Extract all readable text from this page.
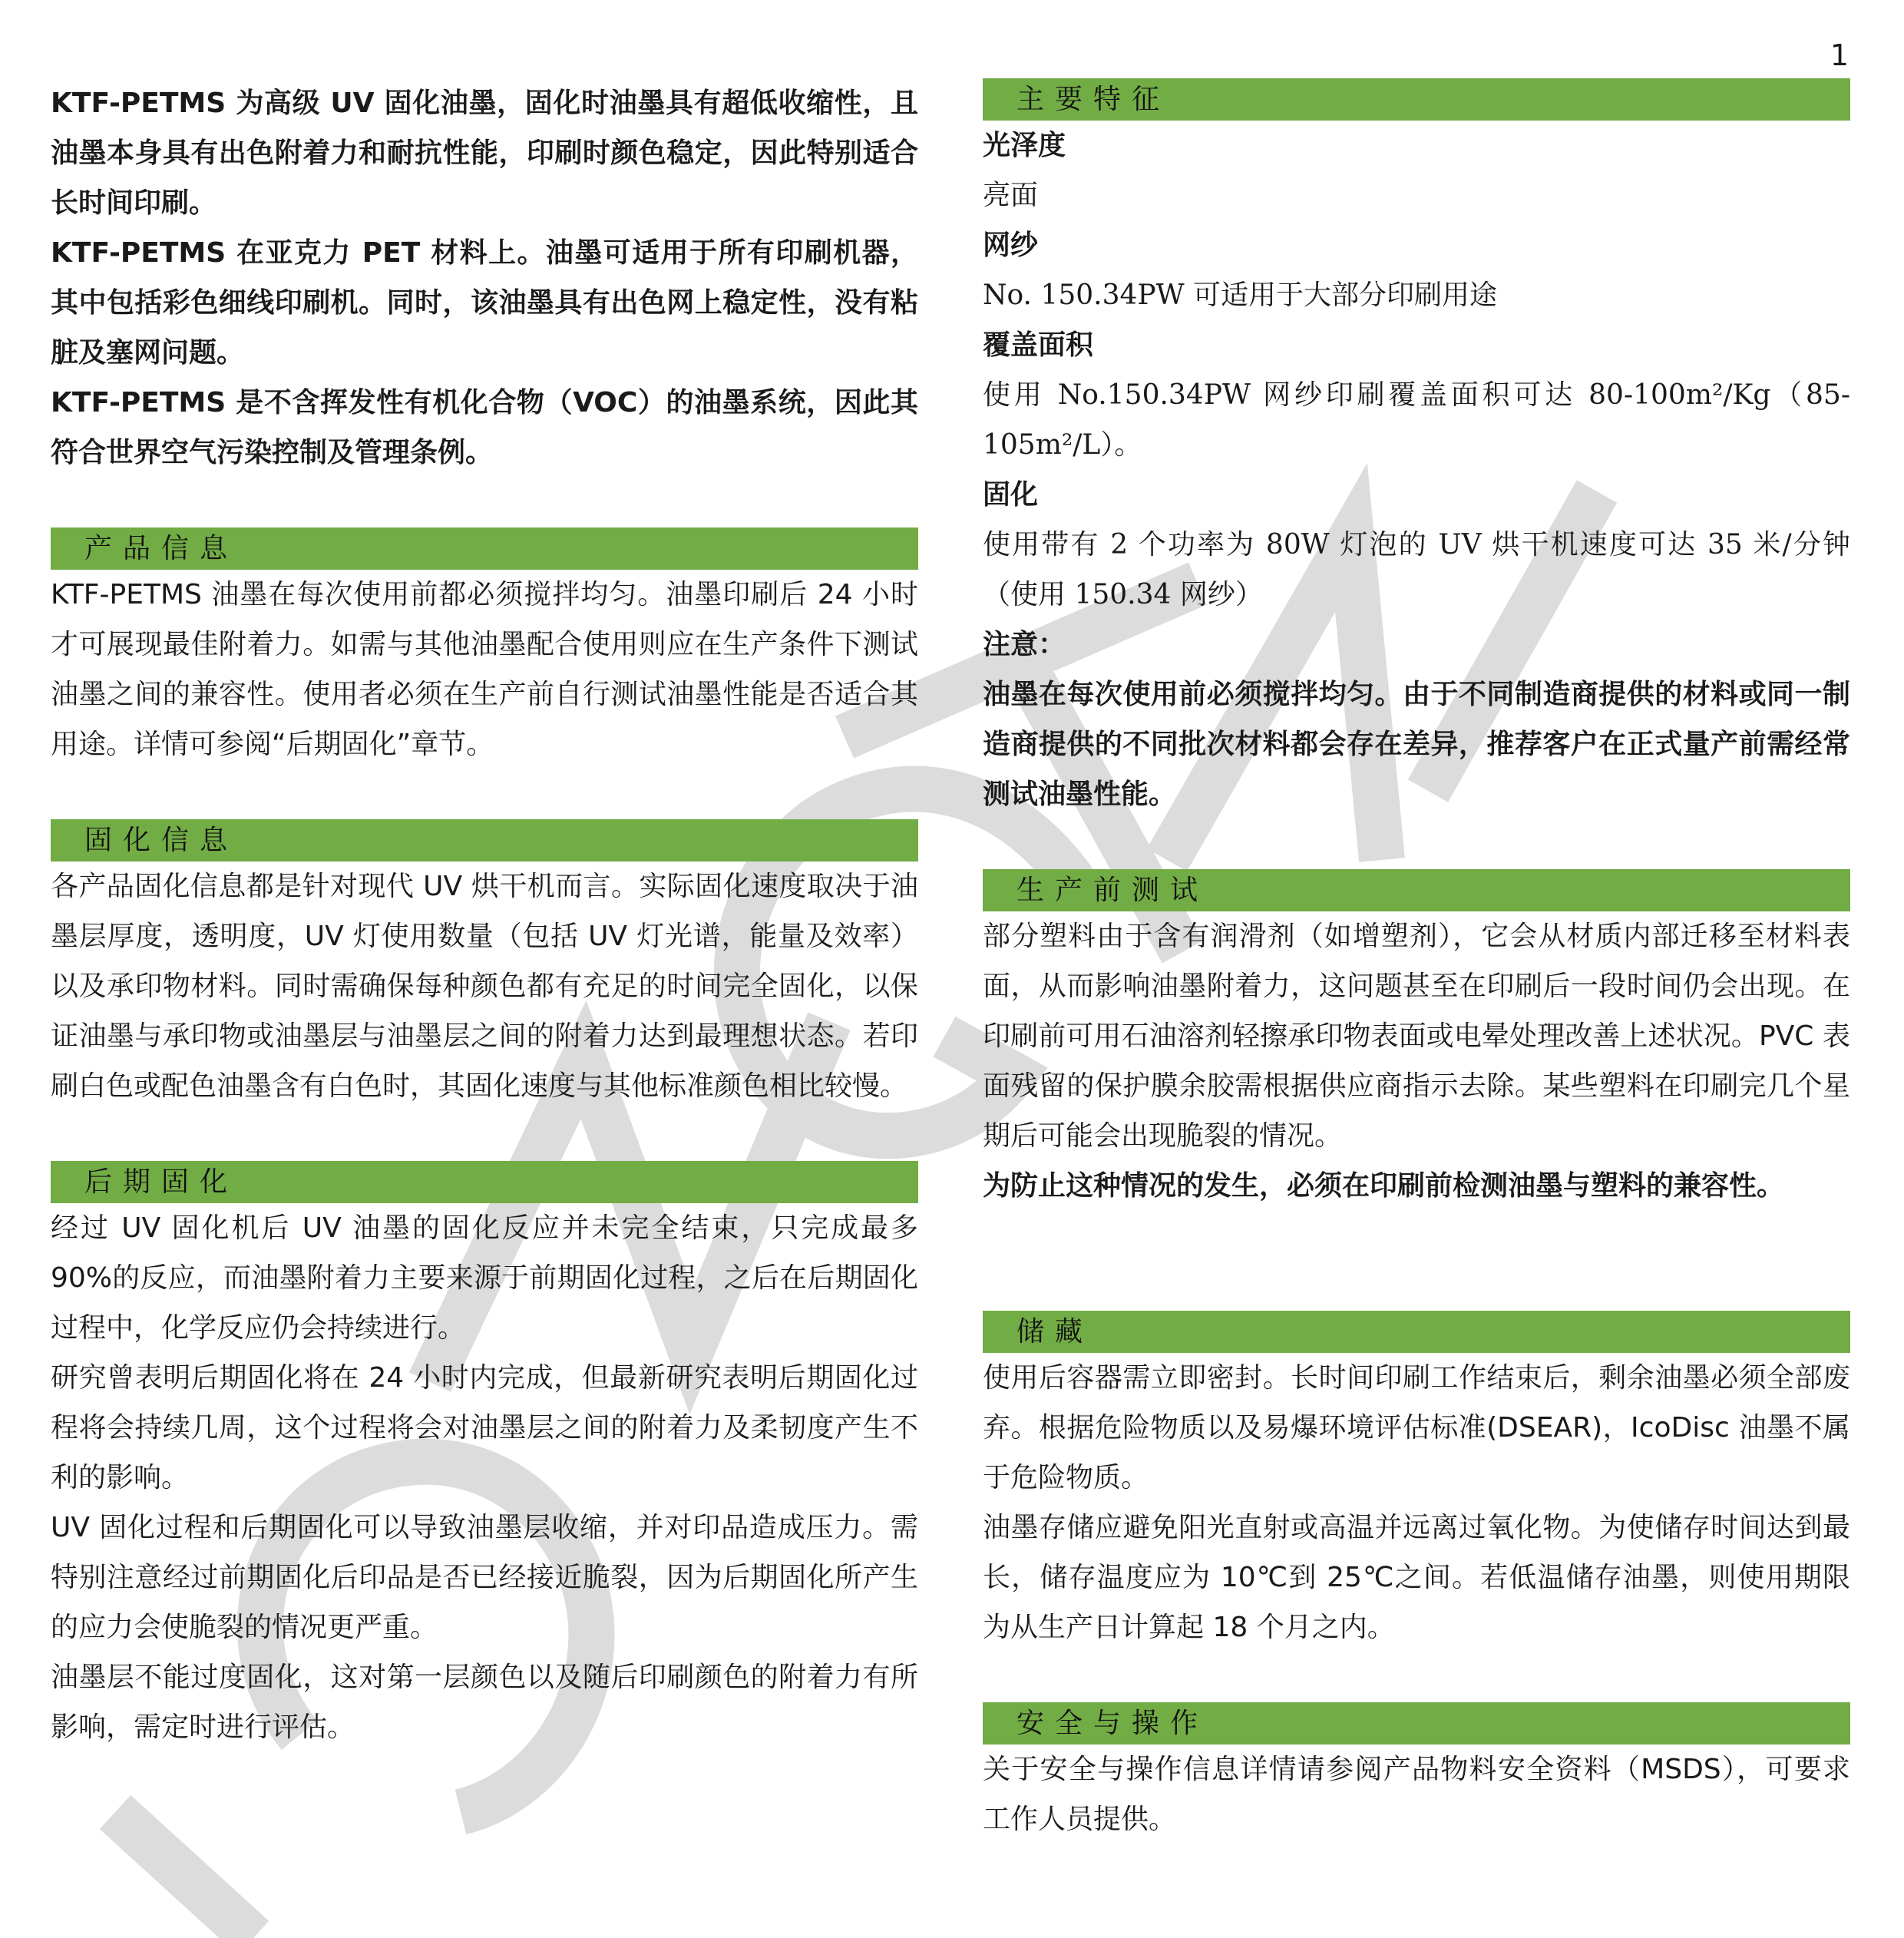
1

KTF-PETMS 为高级 UV 固化油墨，固化时油墨具有超低收缩性，且油墨本身具有出色附着力和耐抗性能，印刷时颜色稳定，因此特别适合长时间印刷。

KTF-PETMS 在亚克力 PET 材料上。油墨可适用于所有印刷机器，其中包括彩色细线印刷机。同时，该油墨具有出色网上稳定性，没有粘脏及塞网问题。

KTF-PETMS 是不含挥发性有机化合物（VOC）的油墨系统，因此其符合世界空气污染控制及管理条例。

产品信息

KTF-PETMS 油墨在每次使用前都必须搅拌均匀。油墨印刷后 24 小时才可展现最佳附着力。如需与其他油墨配合使用则应在生产条件下测试油墨之间的兼容性。使用者必须在生产前自行测试油墨性能是否适合其用途。详情可参阅“后期固化”章节。

固化信息

各产品固化信息都是针对现代 UV 烘干机而言。实际固化速度取决于油墨层厚度，透明度，UV 灯使用数量（包括 UV 灯光谱，能量及效率）以及承印物材料。同时需确保每种颜色都有充足的时间完全固化，以保证油墨与承印物或油墨层与油墨层之间的附着力达到最理想状态。若印刷白色或配色油墨含有白色时，其固化速度与其他标准颜色相比较慢。

后期固化

经过 UV 固化机后 UV 油墨的固化反应并未完全结束，只完成最多 90%的反应，而油墨附着力主要来源于前期固化过程，之后在后期固化过程中，化学反应仍会持续进行。

研究曾表明后期固化将在 24 小时内完成，但最新研究表明后期固化过程将会持续几周，这个过程将会对油墨层之间的附着力及柔韧度产生不利的影响。

UV 固化过程和后期固化可以导致油墨层收缩，并对印品造成压力。需特别注意经过前期固化后印品是否已经接近脆裂，因为后期固化所产生的应力会使脆裂的情况更严重。

油墨层不能过度固化，这对第一层颜色以及随后印刷颜色的附着力有所影响，需定时进行评估。

主要特征

光泽度

亮面

网纱

No. 150.34PW 可适用于大部分印刷用途

覆盖面积

使用 No.150.34PW 网纱印刷覆盖面积可达 80-100m²/Kg（85-105m²/L）。

固化

使用带有 2 个功率为 80W 灯泡的 UV 烘干机速度可达 35 米/分钟（使用 150.34 网纱）

注意：

油墨在每次使用前必须搅拌均匀。由于不同制造商提供的材料或同一制造商提供的不同批次材料都会存在差异，推荐客户在正式量产前需经常测试油墨性能。

生产前测试

部分塑料由于含有润滑剂（如增塑剂），它会从材质内部迁移至材料表面，从而影响油墨附着力，这问题甚至在印刷后一段时间仍会出现。在印刷前可用石油溶剂轻擦承印物表面或电晕处理改善上述状况。PVC 表面残留的保护膜余胶需根据供应商指示去除。某些塑料在印刷完几个星期后可能会出现脆裂的情况。

为防止这种情况的发生，必须在印刷前检测油墨与塑料的兼容性。

储藏

使用后容器需立即密封。长时间印刷工作结束后，剩余油墨必须全部废弃。根据危险物质以及易爆环境评估标准(DSEAR)，IcoDisc 油墨不属于危险物质。

油墨存储应避免阳光直射或高温并远离过氧化物。为使储存时间达到最长，储存温度应为 10℃到 25℃之间。若低温储存油墨，则使用期限为从生产日计算起 18 个月之内。

安全与操作

关于安全与操作信息详情请参阅产品物料安全资料（MSDS），可要求工作人员提供。
